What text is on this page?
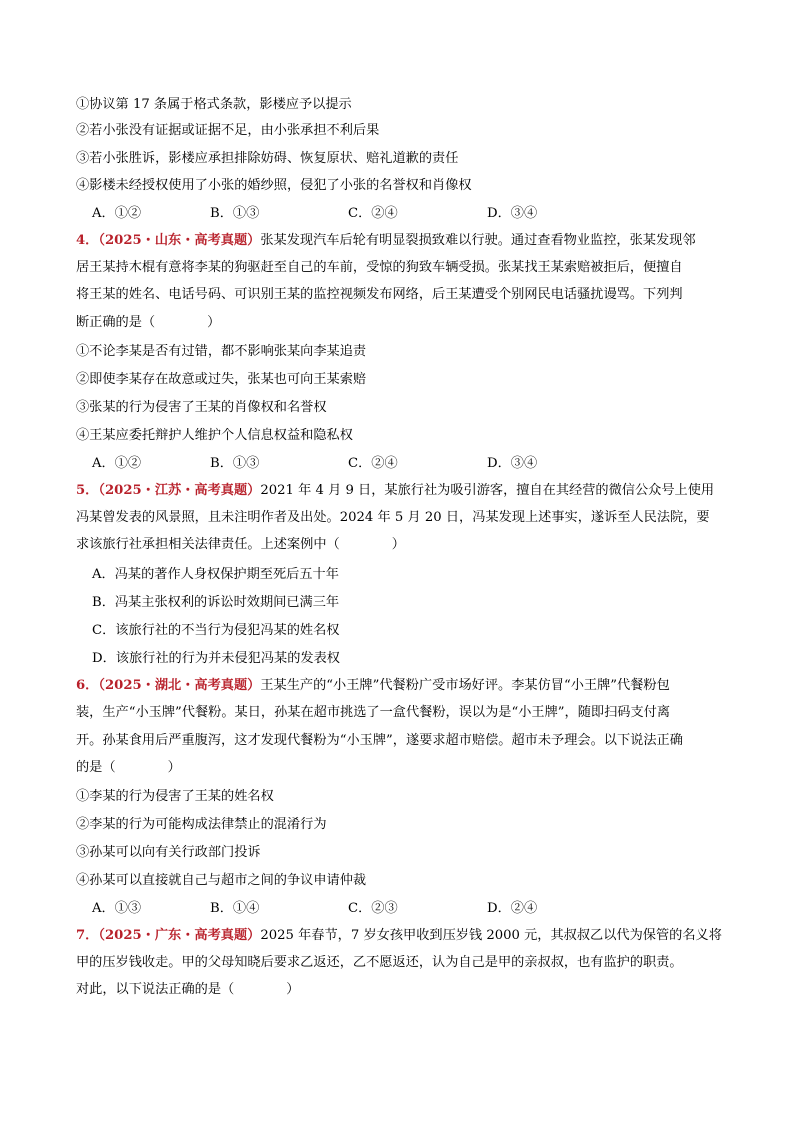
①协议第 17 条属于格式条款，影楼应予以提示
②若小张没有证据或证据不足，由小张承担不利后果
③若小张胜诉，影楼应承担排除妨碍、恢复原状、赔礼道歉的责任
④影楼未经授权使用了小张的婚纱照，侵犯了小张的名誉权和肖像权
A．①②	B．①③	C．②④	D．③④
4．（2025・山东・高考真题）张某发现汽车后轮有明显裂损致难以行驶。通过查看物业监控，张某发现邻
居王某持木棍有意将李某的狗驱赶至自己的车前，受惊的狗致车辆受损。张某找王某索赔被拒后，便擅自
将王某的姓名、电话号码、可识别王某的监控视频发布网络，后王某遭受个别网民电话骚扰谩骂。下列判
断正确的是（	）
①不论李某是否有过错，都不影响张某向李某追责
②即使李某存在故意或过失，张某也可向王某索赔
③张某的行为侵害了王某的肖像权和名誉权
④王某应委托辩护人维护个人信息权益和隐私权
A．①②	B．①③	C．②④	D．③④
5．（2025・江苏・高考真题）2021 年 4 月 9 日，某旅行社为吸引游客，擅自在其经营的微信公众号上使用
冯某曾发表的风景照，且未注明作者及出处。2024 年 5 月 20 日，冯某发现上述事实，遂诉至人民法院，要
求该旅行社承担相关法律责任。上述案例中（	）
A．冯某的著作人身权保护期至死后五十年
B．冯某主张权利的诉讼时效期间已满三年
C．该旅行社的不当行为侵犯冯某的姓名权
D．该旅行社的行为并未侵犯冯某的发表权
6．（2025・湖北・高考真题）王某生产的“小王牌”代餐粉广受市场好评。李某仿冒“小王牌”代餐粉包
装，生产“小玉牌”代餐粉。某日，孙某在超市挑选了一盒代餐粉，误以为是“小王牌”，随即扫码支付离
开。孙某食用后严重腹泻，这才发现代餐粉为“小玉牌”，遂要求超市赔偿。超市未予理会。以下说法正确
的是（	）
①李某的行为侵害了王某的姓名权
②李某的行为可能构成法律禁止的混淆行为
③孙某可以向有关行政部门投诉
④孙某可以直接就自己与超市之间的争议申请仲裁
A．①③	B．①④	C．②③	D．②④
7．（2025・广东・高考真题）2025 年春节，7 岁女孩甲收到压岁钱 2000 元，其叔叔乙以代为保管的名义将
甲的压岁钱收走。甲的父母知晓后要求乙返还，乙不愿返还，认为自己是甲的亲叔叔，也有监护的职责。
对此，以下说法正确的是（	）
